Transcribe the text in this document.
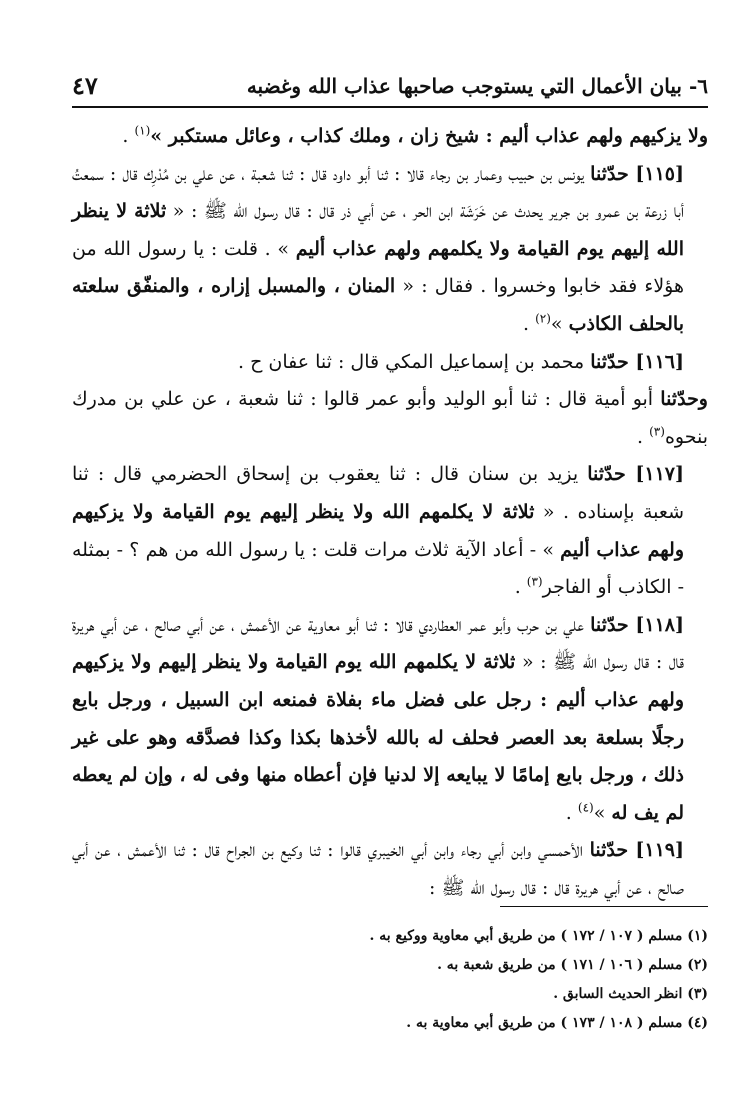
٦- بيان الأعمال التي يستوجب صاحبها عذاب الله وغضبه
٤٧

ولا يزكيهم ولهم عذاب أليم : شيخ زان ، وملك كذاب ، وعائل مستكبر »$^{(١)}$ .

[١١٥] حدّثنا يونس بن حبيب وعمار بن رجاء قالا : ثنا أبو داود قال : ثنا شعبة ، عن علي بن مُدْرِك قال : سمعتُ أبا زرعة بن عمرو بن جرير يحدث عن خَرَشَة ابن الحر ، عن أبي ذر قال : قال رسول الله ﷺ : « ثلاثة لا ينظر الله إليهم يوم القيامة ولا يكلمهم ولهم عذاب أليم » . قلت : يا رسول الله من هؤلاء فقد خابوا وخسروا . فقال : « المنان ، والمسبل إزاره ، والمنفّق سلعته بالحلف الكاذب »$^{(٢)}$ .

[١١٦] حدّثنا محمد بن إسماعيل المكي قال : ثنا عفان ح .

وحدّثنا أبو أمية قال : ثنا أبو الوليد وأبو عمر قالوا : ثنا شعبة ، عن علي بن مدرك بنحوه$^{(٣)}$ .

[١١٧] حدّثنا يزيد بن سنان قال : ثنا يعقوب بن إسحاق الحضرمي قال : ثنا شعبة بإسناده . « ثلاثة لا يكلمهم الله ولا ينظر إليهم يوم القيامة ولا يزكيهم ولهم عذاب أليم » - أعاد الآية ثلاث مرات قلت : يا رسول الله من هم ؟ - بمثله - الكاذب أو الفاجر$^{(٣)}$ .

[١١٨] حدّثنا علي بن حرب وأبو عمر العطاردي قالا : ثنا أبو معاوية عن الأعمش ، عن أبي صالح ، عن أبي هريرة قال : قال رسول الله ﷺ : « ثلاثة لا يكلمهم الله يوم القيامة ولا ينظر إليهم ولا يزكيهم ولهم عذاب أليم : رجل على فضل ماء بفلاة فمنعه ابن السبيل ، ورجل بايع رجلًا بسلعة بعد العصر فحلف له بالله لأخذها بكذا وكذا فصدَّقه وهو على غير ذلك ، ورجل بايع إمامًا لا يبايعه إلا لدنيا فإن أعطاه منها وفى له ، وإن لم يعطه لم يف له »$^{(٤)}$ .

[١١٩] حدّثنا الأحمسي وابن أبي رجاء وابن أبي الخيبري قالوا : ثنا وكيع بن الجراح قال : ثنا الأعمش ، عن أبي صالح ، عن أبي هريرة قال : قال رسول الله ﷺ :

(١) مسلم ( ١٠٧ / ١٧٢ ) من طريق أبي معاوية ووكيع به .

(٢) مسلم ( ١٠٦ / ١٧١ ) من طريق شعبة به .

(٣) انظر الحديث السابق .

(٤) مسلم ( ١٠٨ / ١٧٣ ) من طريق أبي معاوية به .
